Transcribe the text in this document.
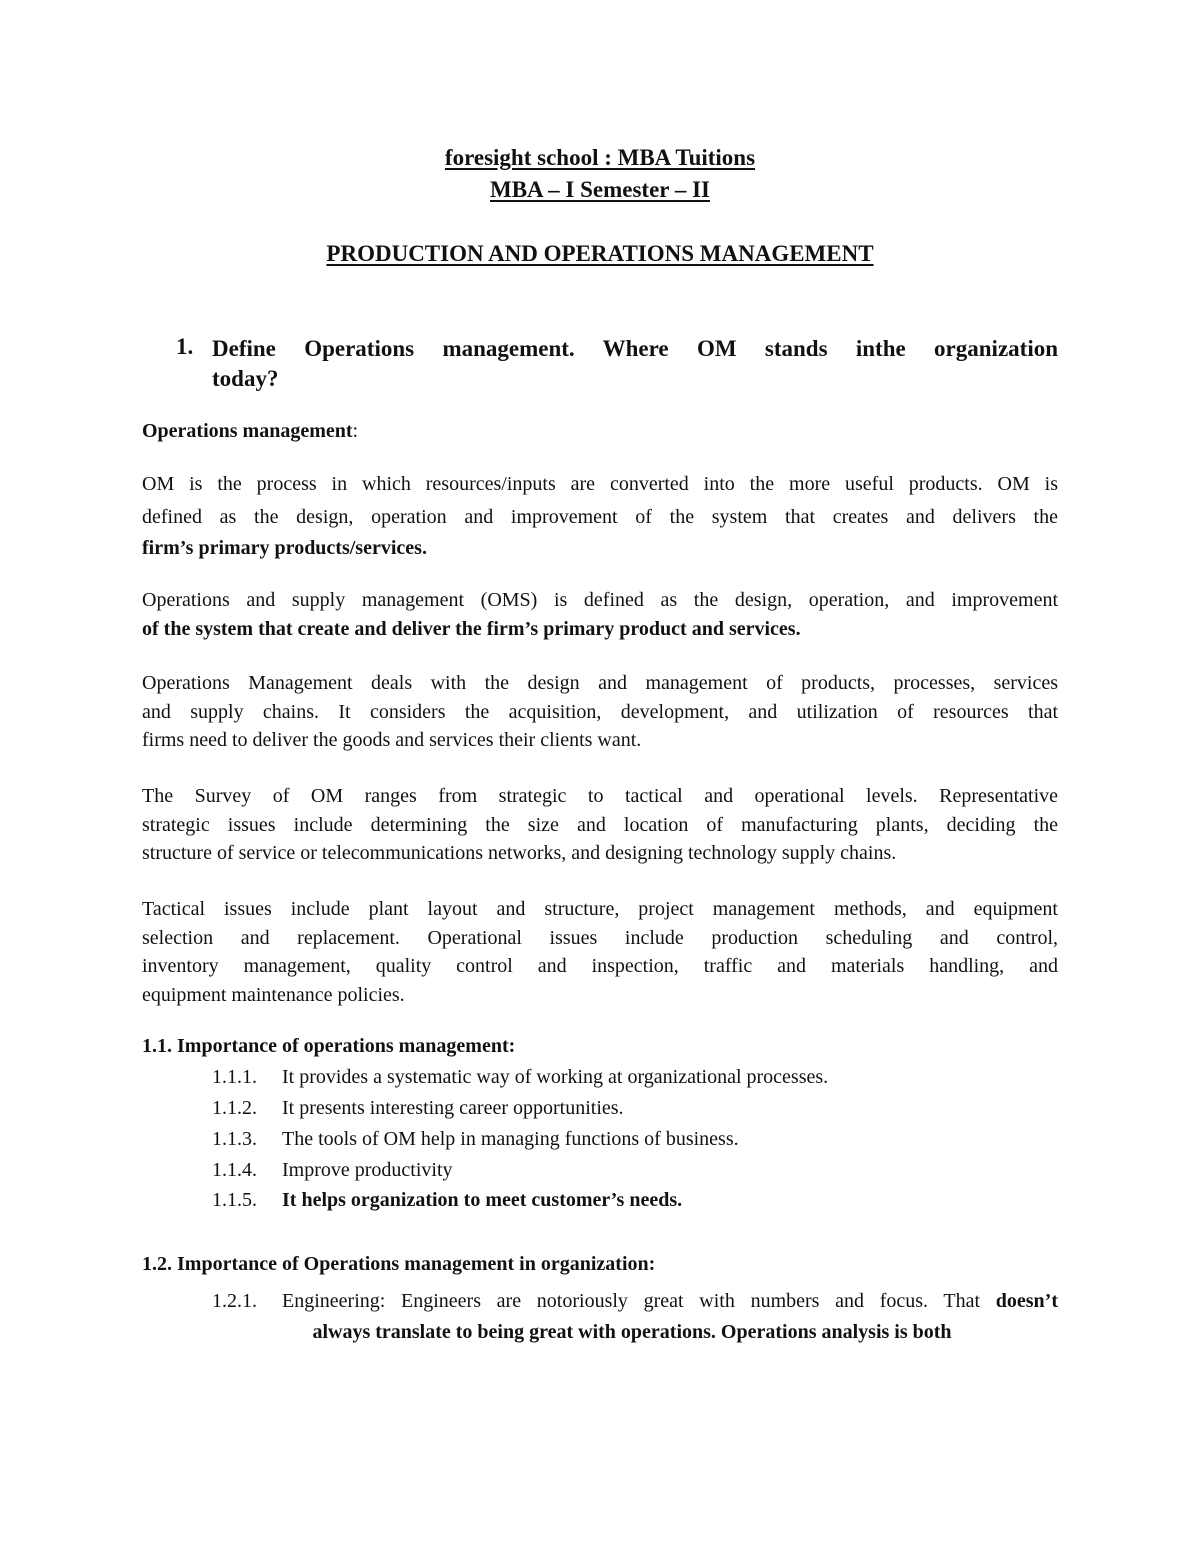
foresight school : MBA Tuitions
MBA – I Semester – II
PRODUCTION AND OPERATIONS MANAGEMENT
1. Define Operations management. Where OM stands inthe organization
today?
Operations management:
OM is the process in which resources/inputs are converted into the more useful products. OM is
defined as the design, operation and improvement of the system that creates and delivers the
firm’s primary products/services.
Operations and supply management (OMS) is defined as the design, operation, and improvement
of the system that create and deliver the firm’s primary product and services.
Operations Management deals with the design and management of products, processes, services
and supply chains. It considers the acquisition, development, and utilization of resources that
firms need to deliver the goods and services their clients want.
The Survey of OM ranges from strategic to tactical and operational levels. Representative
strategic issues include determining the size and location of manufacturing plants, deciding the
structure of service or telecommunications networks, and designing technology supply chains.
Tactical issues include plant layout and structure, project management methods, and equipment
selection and replacement. Operational issues include production scheduling and control,
inventory management, quality control and inspection, traffic and materials handling, and
equipment maintenance policies.
1.1. Importance of operations management:
1.1.1.	It provides a systematic way of working at organizational processes.
1.1.2.	It presents interesting career opportunities.
1.1.3.	The tools of OM help in managing functions of business.
1.1.4.	Improve productivity
1.1.5.	It helps organization to meet customer’s needs.
1.2. Importance of Operations management in organization:
1.2.1.	Engineering: Engineers are notoriously great with numbers and focus. That doesn’t
always translate to being great with operations. Operations analysis is both
